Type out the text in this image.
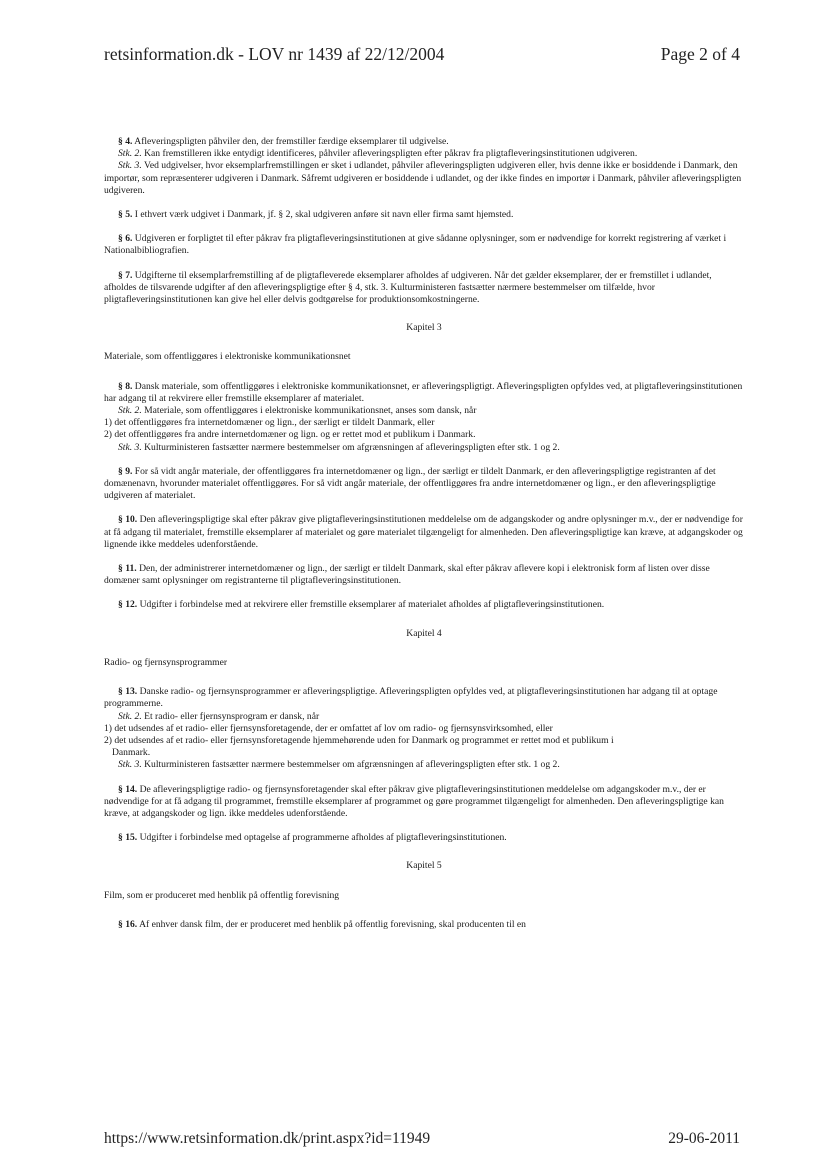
retsinformation.dk - LOV nr 1439 af 22/12/2004	Page 2 of 4

§ 4. Afleveringspligten påhviler den, der fremstiller færdige eksemplarer til udgivelse.

Stk. 2. Kan fremstilleren ikke entydigt identificeres, påhviler afleveringspligten efter påkrav fra pligtafleveringsinstitutionen udgiveren.

Stk. 3. Ved udgivelser, hvor eksemplarfremstillingen er sket i udlandet, påhviler afleveringspligten udgiveren eller, hvis denne ikke er bosiddende i Danmark, den importør, som repræsenterer udgiveren i Danmark. Såfremt udgiveren er bosiddende i udlandet, og der ikke findes en importør i Danmark, påhviler afleveringspligten udgiveren.

§ 5. I ethvert værk udgivet i Danmark, jf. § 2, skal udgiveren anføre sit navn eller firma samt hjemsted.

§ 6. Udgiveren er forpligtet til efter påkrav fra pligtafleveringsinstitutionen at give sådanne oplysninger, som er nødvendige for korrekt registrering af værket i Nationalbibliografien.

§ 7. Udgifterne til eksemplarfremstilling af de pligtafleverede eksemplarer afholdes af udgiveren. Når det gælder eksemplarer, der er fremstillet i udlandet, afholdes de tilsvarende udgifter af den afleveringspligtige efter § 4, stk. 3. Kulturministeren fastsætter nærmere bestemmelser om tilfælde, hvor pligtafleveringsinstitutionen kan give hel eller delvis godtgørelse for produktionsomkostningerne.

Kapitel 3

Materiale, som offentliggøres i elektroniske kommunikationsnet

§ 8. Dansk materiale, som offentliggøres i elektroniske kommunikationsnet, er afleveringspligtigt. Afleveringspligten opfyldes ved, at pligtafleveringsinstitutionen har adgang til at rekvirere eller fremstille eksemplarer af materialet.

Stk. 2. Materiale, som offentliggøres i elektroniske kommunikationsnet, anses som dansk, når

1) det offentliggøres fra internetdomæner og lign., der særligt er tildelt Danmark, eller

2) det offentliggøres fra andre internetdomæner og lign. og er rettet mod et publikum i Danmark.

Stk. 3. Kulturministeren fastsætter nærmere bestemmelser om afgrænsningen af afleveringspligten efter stk. 1 og 2.

§ 9. For så vidt angår materiale, der offentliggøres fra internetdomæner og lign., der særligt er tildelt Danmark, er den afleveringspligtige registranten af det domænenavn, hvorunder materialet offentliggøres. For så vidt angår materiale, der offentliggøres fra andre internetdomæner og lign., er den afleveringspligtige udgiveren af materialet.

§ 10. Den afleveringspligtige skal efter påkrav give pligtafleveringsinstitutionen meddelelse om de adgangskoder og andre oplysninger m.v., der er nødvendige for at få adgang til materialet, fremstille eksemplarer af materialet og gøre materialet tilgængeligt for almenheden. Den afleveringspligtige kan kræve, at adgangskoder og lignende ikke meddeles udenforstående.

§ 11. Den, der administrerer internetdomæner og lign., der særligt er tildelt Danmark, skal efter påkrav aflevere kopi i elektronisk form af listen over disse domæner samt oplysninger om registranterne til pligtafleveringsinstitutionen.

§ 12. Udgifter i forbindelse med at rekvirere eller fremstille eksemplarer af materialet afholdes af pligtafleveringsinstitutionen.

Kapitel 4

Radio- og fjernsynsprogrammer

§ 13. Danske radio- og fjernsynsprogrammer er afleveringspligtige. Afleveringspligten opfyldes ved, at pligtafleveringsinstitutionen har adgang til at optage programmerne.

Stk. 2. Et radio- eller fjernsynsprogram er dansk, når

1) det udsendes af et radio- eller fjernsynsforetagende, der er omfattet af lov om radio- og fjernsynsvirksomhed, eller

2) det udsendes af et radio- eller fjernsynsforetagende hjemmehørende uden for Danmark og programmet er rettet mod et publikum i

Danmark.

Stk. 3. Kulturministeren fastsætter nærmere bestemmelser om afgrænsningen af afleveringspligten efter stk. 1 og 2.

§ 14. De afleveringspligtige radio- og fjernsynsforetagender skal efter påkrav give pligtafleveringsinstitutionen meddelelse om adgangskoder m.v., der er nødvendige for at få adgang til programmet, fremstille eksemplarer af programmet og gøre programmet tilgængeligt for almenheden. Den afleveringspligtige kan kræve, at adgangskoder og lign. ikke meddeles udenforstående.

§ 15. Udgifter i forbindelse med optagelse af programmerne afholdes af pligtafleveringsinstitutionen.

Kapitel 5

Film, som er produceret med henblik på offentlig forevisning

§ 16. Af enhver dansk film, der er produceret med henblik på offentlig forevisning, skal producenten til en

https://www.retsinformation.dk/print.aspx?id=11949	29-06-2011
